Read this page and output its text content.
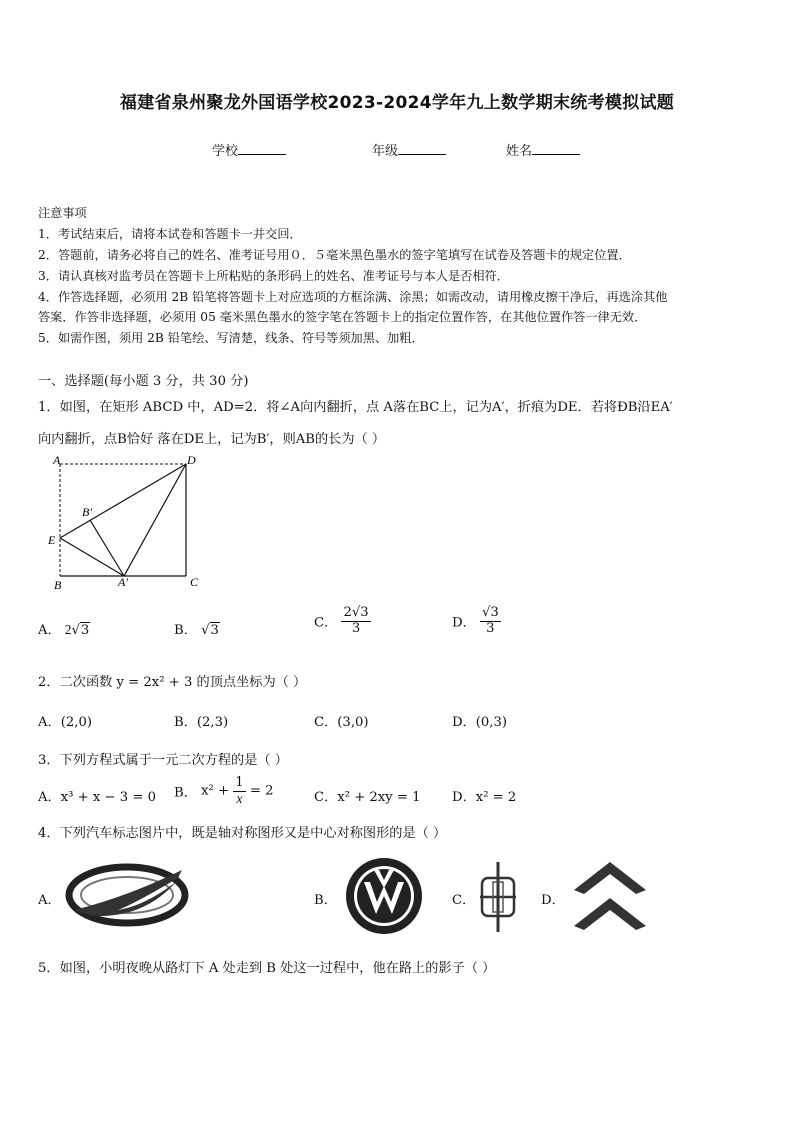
福建省泉州聚龙外国语学校2023-2024学年九上数学期末统考模拟试题
学校	年级	姓名
注意事项
1．考试结束后，请将本试卷和答题卡一并交回．
2．答题前，请务必将自己的姓名、准考证号用０．５毫米黑色墨水的签字笔填写在试卷及答题卡的规定位置．
3．请认真核对监考员在答题卡上所粘贴的条形码上的姓名、准考证号与本人是否相符．
4．作答选择题，必须用 2B 铅笔将答题卡上对应选项的方框涂满、涂黑；如需改动，请用橡皮擦干净后，再选涂其他
答案．作答非选择题，必须用 05 毫米黑色墨水的签字笔在答题卡上的指定位置作答，在其他位置作答一律无效．
5．如需作图，须用 2B 铅笔绘、写清楚，线条、符号等须加黑、加粗．
一、选择题(每小题 3 分，共 30 分)
1．如图，在矩形 ABCD 中，AD=2．将∠A向内翻折，点 A落在BC上，记为A′，折痕为DE．若将ÐB沿EA′
向内翻折，点B恰好 落在DE上，记为B′，则AB的长为（ ）
A	D
B′
E
B	A′	C
A． 2√3	B． √3	C． $\frac{2√3}{3}$	D． $\frac{√3}{3}$
2．二次函数 y = 2x² + 3 的顶点坐标为（ ）
A．(2,0)	B．(2,3)	C．(3,0)	D．(0,3)
3．下列方程式属于一元二次方程的是（ ）
A．x³ + x − 3 = 0 B． $x^2 + \frac{1}{x} = 2$	C．x² + 2xy = 1 D．x² = 2
4．下列汽车标志图片中，既是轴对称图形又是中心对称图形的是（ ）
A．	B．	C．	D．
5．如图，小明夜晚从路灯下 A 处走到 B 处这一过程中，他在路上的影子（ ）
